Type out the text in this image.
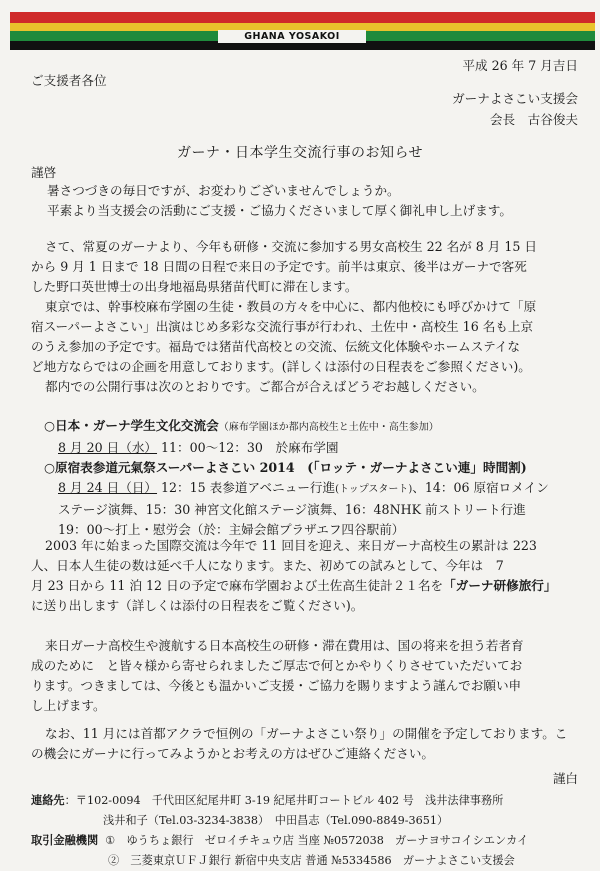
GHANA YOSAKOI
平成 26 年 7 月吉日
ご支援者各位
ガーナよさこい支援会
会長　古谷俊夫
ガーナ・日本学生交流行事のお知らせ
謹啓
暑さつづきの毎日ですが、お変わりございませんでしょうか。
平素より当支援会の活動にご支援・ご協力くださいまして厚く御礼申し上げます。
さて、常夏のガーナより、今年も研修・交流に参加する男女高校生 22 名が 8 月 15 日
から 9 月 1 日まで 18 日間の日程で来日の予定です。前半は東京、後半はガーナで客死
した野口英世博士の出身地福島県猪苗代町に滞在します。
東京では、幹事校麻布学園の生徒・教員の方々を中心に、都内他校にも呼びかけて「原
宿スーパーよさこい」出演はじめ多彩な交流行事が行われ、土佐中・高校生 16 名も上京
のうえ参加の予定です。福島では猪苗代高校との交流、伝統文化体験やホームステイな
ど地方ならではの企画を用意しております。(詳しくは添付の日程表をご参照ください)。
都内での公開行事は次のとおりです。ご都合が合えばどうぞお越しください。
○日本・ガーナ学生文化交流会（麻布学園ほか都内高校生と土佐中・高生参加）
8 月 20 日（水） 11：00～12：30　於麻布学園
○原宿表参道元氣祭スーパーよさこい 2014　(「ロッテ・ガーナよさこい連」時間割)
8 月 24 日（日） 12：15 表参道アベニュー行進(トップスタート)、14：06 原宿ロメイン
ステージ演舞、15：30 神宮文化館ステージ演舞、16：48NHK 前ストリート行進
19：00～打上・慰労会（於：主婦会館プラザエフ四谷駅前）
2003 年に始まった国際交流は今年で 11 回目を迎え、来日ガーナ高校生の累計は 223
人、日本人生徒の数は延べ千人になります。また、初めての試みとして、今年は　7
月 23 日から 11 泊 12 日の予定で麻布学園および土佐高生徒計２１名を「ガーナ研修旅行」
に送り出します（詳しくは添付の日程表をご覧ください)。
来日ガーナ高校生や渡航する日本高校生の研修・滞在費用は、国の将来を担う若者育
成のために　と皆々様から寄せられましたご厚志で何とかやりくりさせていただいてお
ります。つきましては、今後とも温かいご支援・ご協力を賜りますよう謹んでお願い申
し上げます。
なお、11 月には首都アクラで恒例の「ガーナよさこい祭り」の開催を予定しております。こ
の機会にガーナに行ってみようかとお考えの方はぜひご連絡ください。
謹白
連絡先：〒102-0094　千代田区紀尾井町 3-19 紀尾井町コートビル 402 号　浅井法律事務所
浅井和子（Tel.03-3234-3838）　中田昌志（Tel.090-8849-3651）
取引金融機関 ①　ゆうちょ銀行　ゼロイチキュウ店 当座 №0572038　ガーナヨサコイシエンカイ
②　三菱東京ＵＦＪ銀行 新宿中央支店 普通 №5334586　ガーナよさこい支援会
